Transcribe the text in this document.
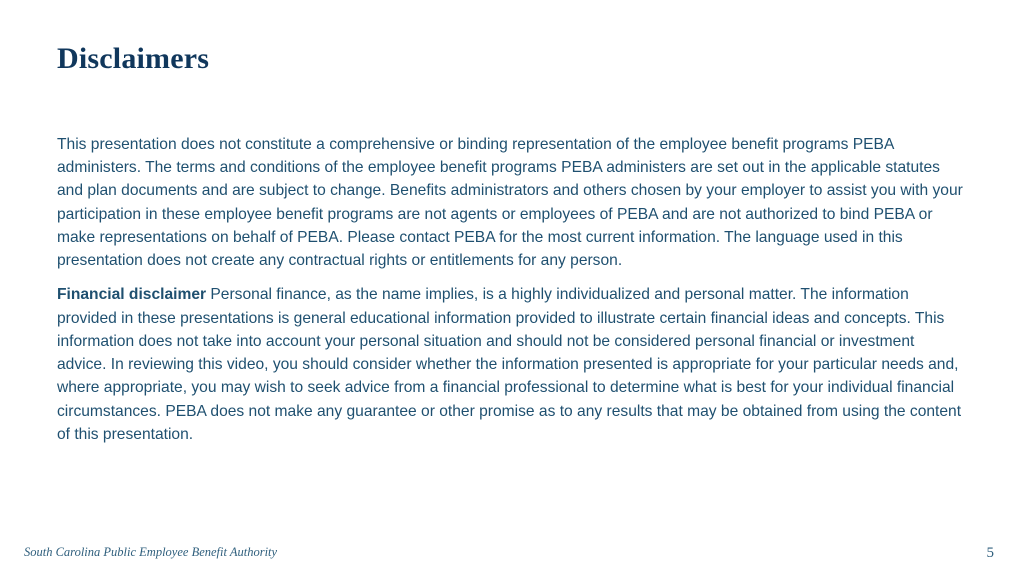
Disclaimers

This presentation does not constitute a comprehensive or binding representation of the employee benefit programs PEBA administers. The terms and conditions of the employee benefit programs PEBA administers are set out in the applicable statutes and plan documents and are subject to change. Benefits administrators and others chosen by your employer to assist you with your participation in these employee benefit programs are not agents or employees of PEBA and are not authorized to bind PEBA or make representations on behalf of PEBA. Please contact PEBA for the most current information. The language used in this presentation does not create any contractual rights or entitlements for any person.

Financial disclaimer Personal finance, as the name implies, is a highly individualized and personal matter. The information provided in these presentations is general educational information provided to illustrate certain financial ideas and concepts. This information does not take into account your personal situation and should not be considered personal financial or investment advice. In reviewing this video, you should consider whether the information presented is appropriate for your particular needs and, where appropriate, you may wish to seek advice from a financial professional to determine what is best for your individual financial circumstances. PEBA does not make any guarantee or other promise as to any results that may be obtained from using the content of this presentation.

South Carolina Public Employee Benefit Authority	5
